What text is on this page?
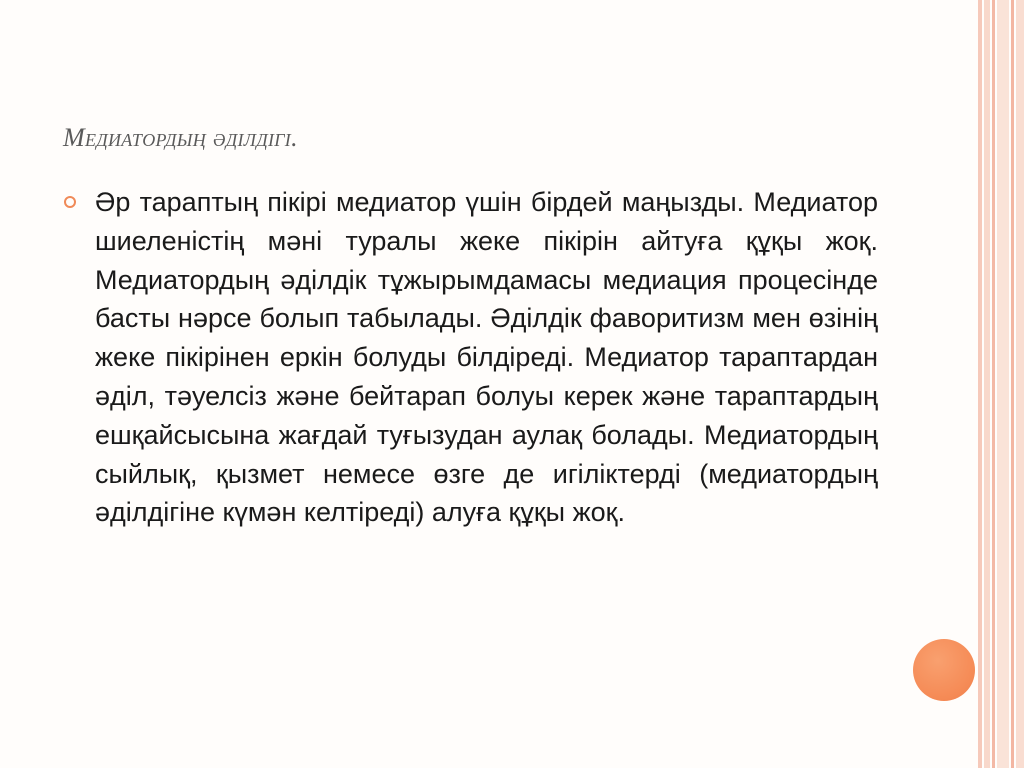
Медиатордың әділдігі.

Әр тараптың пікірі медиатор үшін бірдей маңызды. Медиатор шиеленістің мәні туралы жеке пікірін айтуға құқы жоқ. Медиатордың әділдік тұжырымдамасы медиация процесінде басты нәрсе болып табылады. Әділдік фаворитизм мен өзінің жеке пікірінен еркін болуды білдіреді. Медиатор тараптардан әділ, тәуелсіз және бейтарап болуы керек және тараптардың ешқайсысына жағдай туғызудан аулақ болады. Медиатордың сыйлық, қызмет немесе өзге де игіліктерді (медиатордың әділдігіне күмән келтіреді) алуға құқы жоқ.
